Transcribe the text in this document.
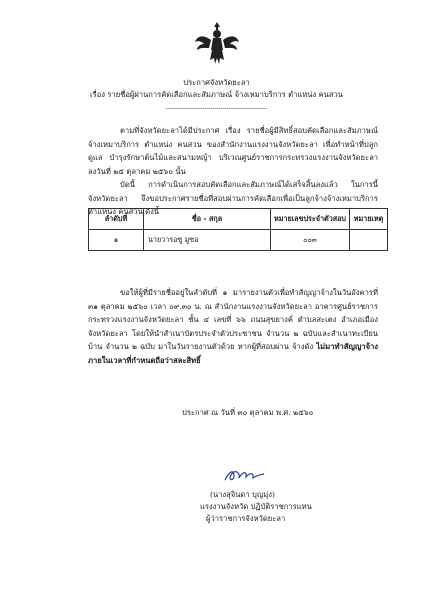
ประกาศจังหวัดยะลา
เรื่อง รายชื่อผู้ผ่านการคัดเลือกและสัมภาษณ์ จ้างเหมาบริการ ตำแหน่ง คนสวน
--------------------------------------------------
ตามที่จังหวัดยะลาได้มีประกาศ เรื่อง รายชื่อผู้มีสิทธิ์สอบคัดเลือกและสัมภาษณ์ จ้างเหมาบริการ ตำแหน่ง คนสวน ของสำนักงานแรงงานจังหวัดยะลา เพื่อทำหน้าที่ปลูก ดูแล บำรุงรักษาต้นไม้และสนามหญ้า บริเวณศูนย์ราชการกระทรวงแรงงานจังหวัดยะลา ลงวันที่ ๒๕ ตุลาคม ๒๕๖๐ นั้น
บัดนี้ การดำเนินการสอบคัดเลือกและสัมภาษณ์ได้เสร็จสิ้นลงแล้ว ในการนี้ จังหวัดยะลา จึงขอประกาศรายชื่อที่สอบผ่านการคัดเลือกเพื่อเป็นลูกจ้างจ้างเหมาบริการ ตำแหน่ง คนสวน ดังนี้
ลำดับที่	ชื่อ - สกุล	หมายเลขประจำตัวสอบ	หมายเหตุ
๑	นายวารอซู มูซอ	๐๐๓	
ขอให้ผู้ที่มีรายชื่ออยู่ในลำดับที่ ๑ มารายงานตัวเพื่อทำสัญญาจ้างในวันอังคารที่ ๓๑ ตุลาคม ๒๕๖๐ เวลา ๐๙.๓๐ น. ณ สำนักงานแรงงานจังหวัดยะลา อาคารศูนย์ราชการกระทรวงแรงงานจังหวัดยะลา ชั้น ๔ เลขที่ ๖๖ ถนนสุขยางค์ ตำบลสะเตง อำเภอเมือง จังหวัดยะลา โดยให้นำสำเนาบัตรประจำตัวประชาชน จำนวน ๒ ฉบับและสำเนาทะเบียนบ้าน จำนวน ๒ ฉบับ มาในวันรายงานตัวด้วย หากผู้ที่สอบผ่าน จ้างดัง ไม่มาทำสัญญาจ้างภายในเวลาที่กำหนดถือว่าสละสิทธิ์
ประกาศ ณ วันที่ ๓๐ ตุลาคม พ.ศ. ๒๕๖๐
(นางสุจินดา บุญมุ่ง)
แรงงานจังหวัด ปฏิบัติราชการแทน
ผู้ว่าราชการจังหวัดยะลา
